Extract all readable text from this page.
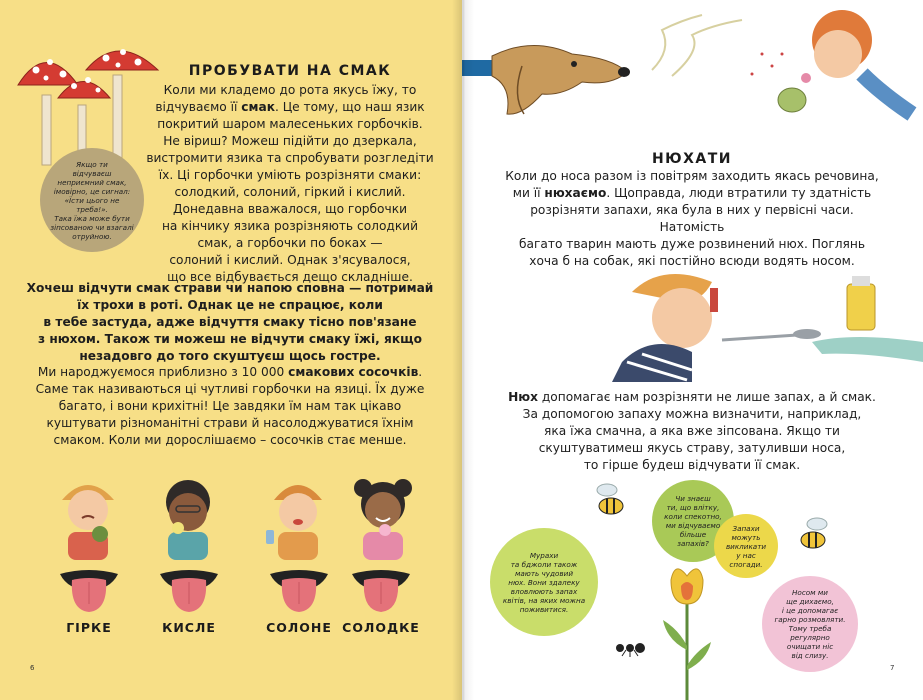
Якщо ти
відчуваєш
неприємний смак,
імовірно, це сигнал:
«Їсти цього не треба!».
Така їжа може бути
зіпсованою чи взагалі
отруйною.
ПРОБУВАТИ НА СМАК
Коли ми кладемо до рота якусь їжу, то
відчуваємо її смак. Це тому, що наш язик
покритий шаром малесеньких горбочків.
Не віриш? Можеш підійти до дзеркала,
вистромити язика та спробувати розгледіти
їх. Ці горбочки уміють розрізняти смаки:
солодкий, солоний, гіркий і кислий.
Донедавна вважалося, що горбочки
на кінчику язика розрізняють солодкий
смак, а горбочки по боках —
солоний і кислий. Однак з'ясувалося,
що все відбувається дещо складніше.
Хочеш відчути смак страви чи напою сповна — потримай
їх трохи в роті. Однак це не спрацює, коли
в тебе застуда, адже відчуття смаку тісно пов'язане
з нюхом. Також ти можеш не відчути смаку їжі, якщо
незадовго до того скуштуєш щось гостре.
Ми народжуємося приблизно з 10 000 смакових сосочків.
Саме так називаються ці чутливі горбочки на язиці. Їх дуже
багато, і вони крихітні! Це завдяки їм нам так цікаво
куштувати різноманітні страви й насолоджуватися їхнім
смаком. Коли ми дорослішаємо – сосочків стає менше.
ГІРКЕ	КИСЛЕ	СОЛОНЕ СОЛОДКЕ
6
НЮХАТИ
Коли до носа разом із повітрям заходить якась речовина,
ми її нюхаємо. Щоправда, люди втратили ту здатність
розрізняти запахи, яка була в них у первісні часи. Натомість
багато тварин мають дуже розвинений нюх. Поглянь
хоча б на собак, які постійно всюди водять носом.
Нюх допомагає нам розрізняти не лише запах, а й смак.
За допомогою запаху можна визначити, наприклад,
яка їжа смачна, а яка вже зіпсована. Якщо ти
скуштуватимеш якусь страву, затуливши носа,
то гірше будеш відчувати її смак.
Мурахи
та бджоли також
мають чудовий
нюх. Вони здалеку
вловлюють запах
квітів, на яких можна
поживитися.
Чи знаєш
ти, що влітку,
коли спекотно,
ми відчуваємо
більше
запахів?
Запахи
можуть
викликати
у нас
спогади.
Носом ми
ще дихаємо,
і це допомагає
гарно розмовляти.
Тому треба
регулярно
очищати ніс
від слизу.
7
